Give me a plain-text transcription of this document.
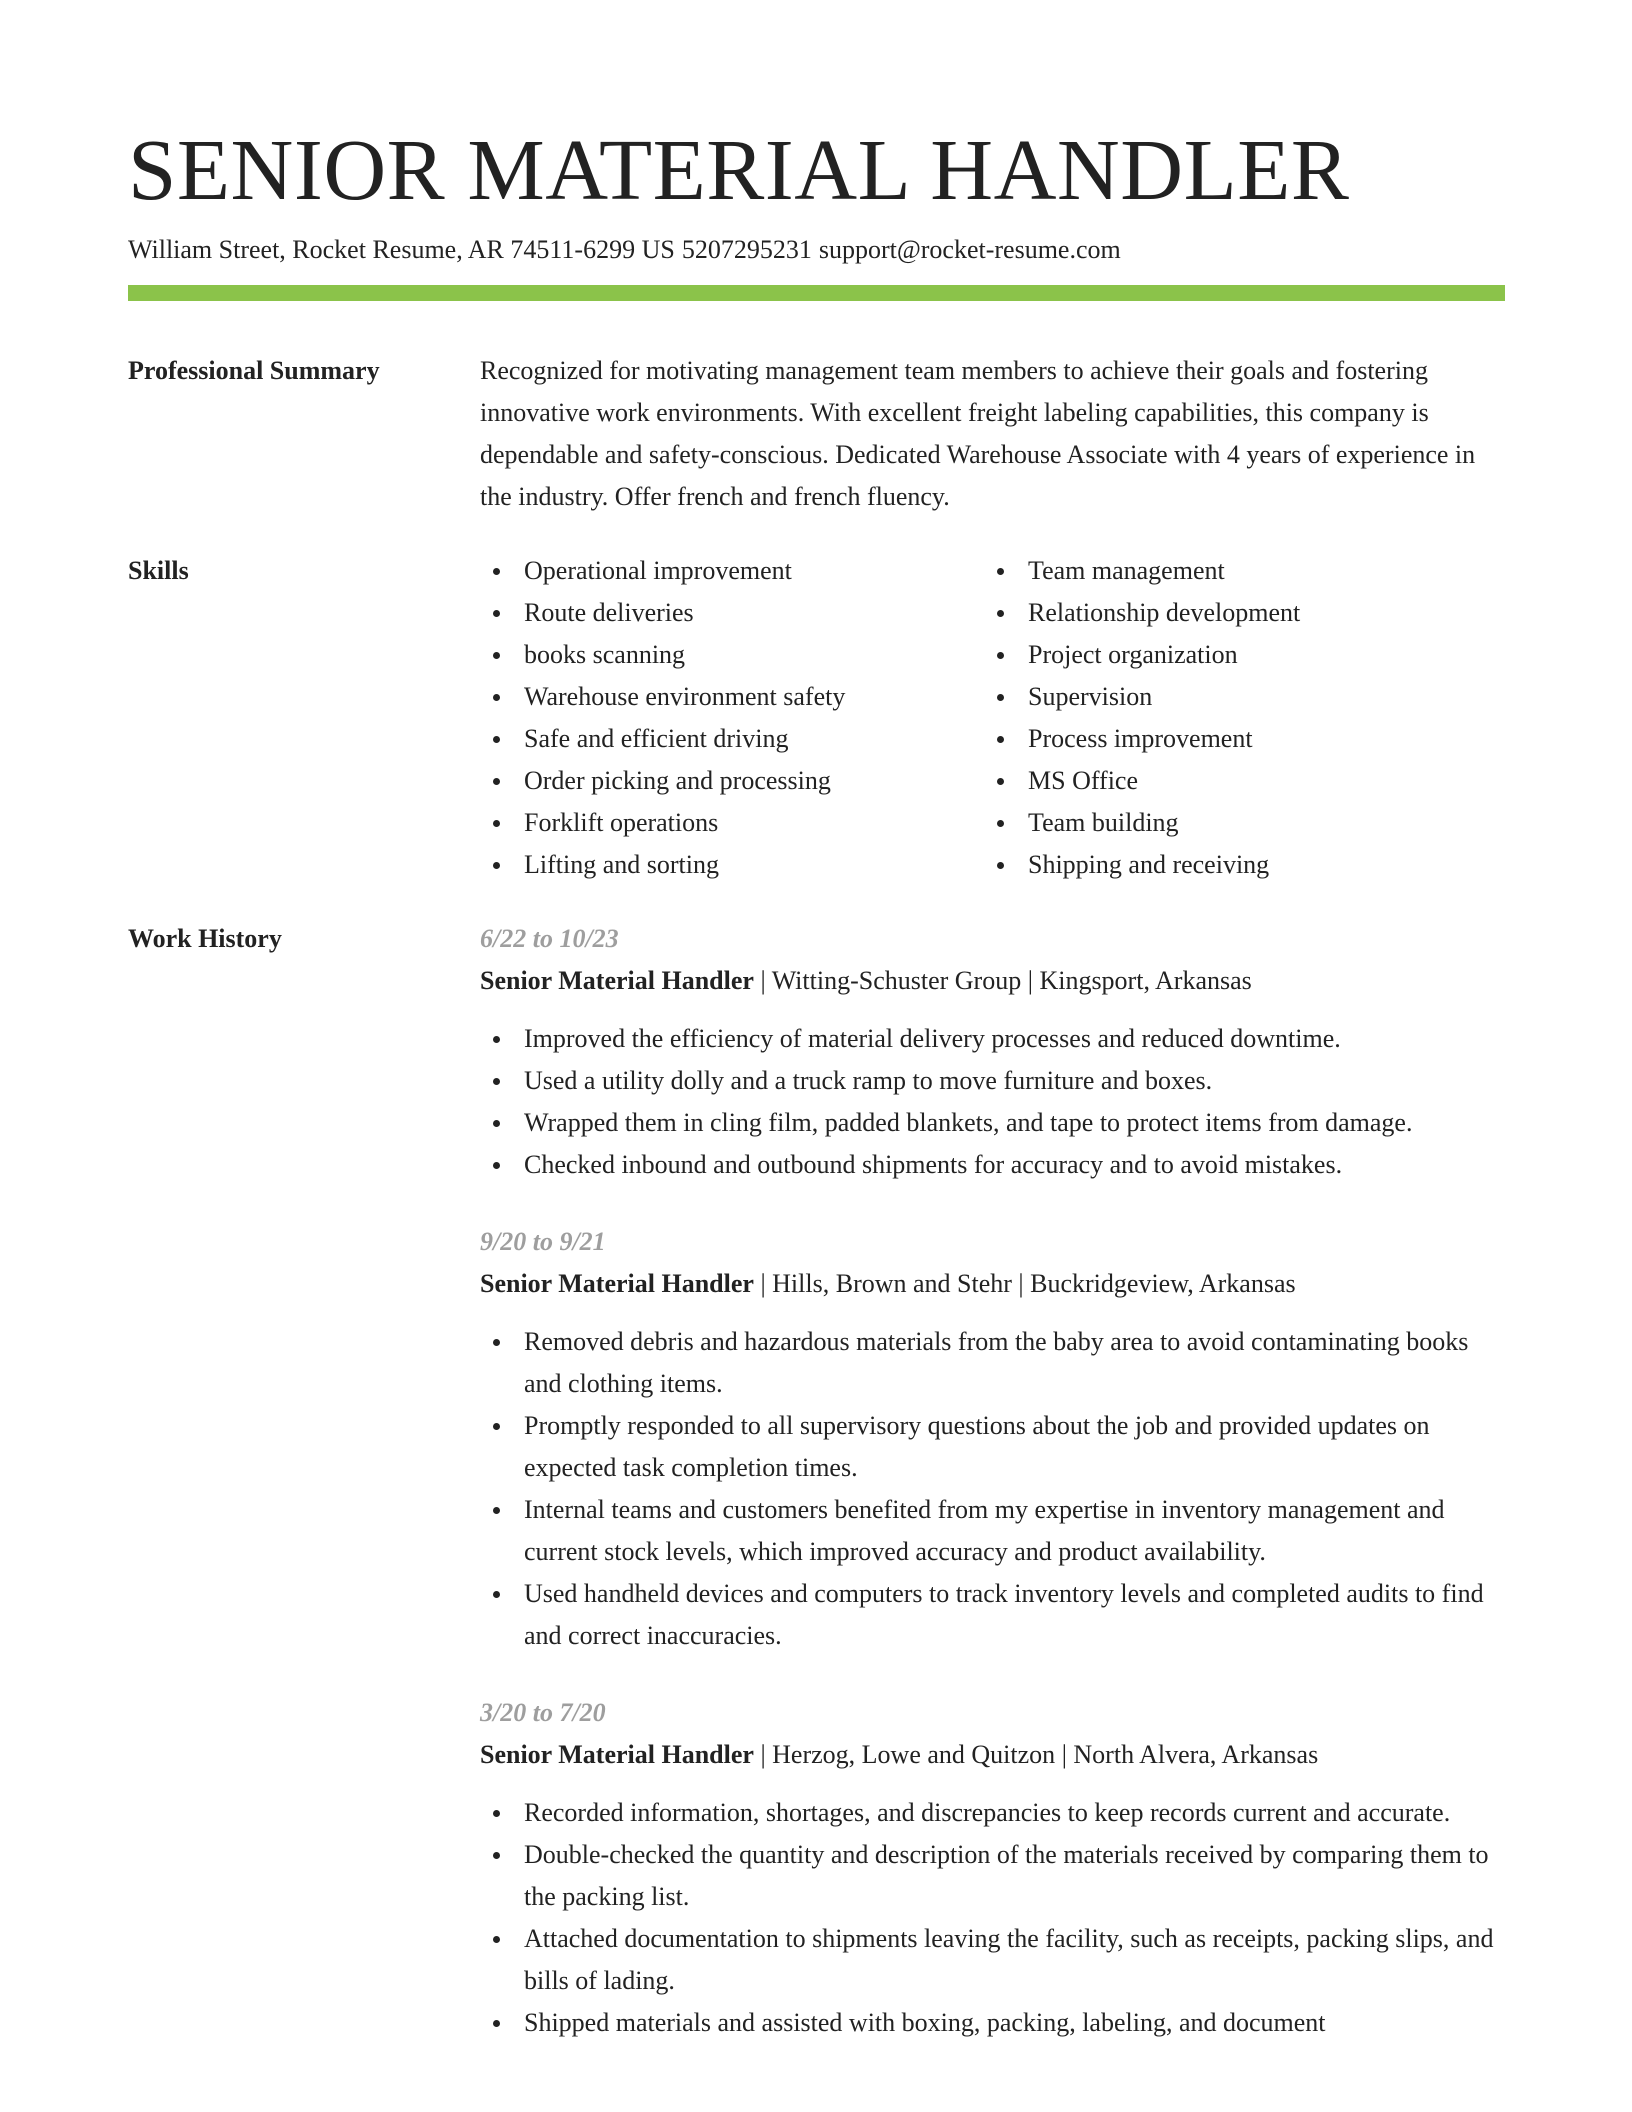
SENIOR MATERIAL HANDLER
William Street, Rocket Resume, AR 74511-6299 US 5207295231 support@rocket-resume.com
Professional Summary	Recognized for motivating management team members to achieve their goals and fostering innovative work environments. With excellent freight labeling capabilities, this company is dependable and safety-conscious. Dedicated Warehouse Associate with 4 years of experience in the industry. Offer french and french fluency.

Skills	Operational improvement
Route deliveries
books scanning
Warehouse environment safety
Safe and efficient driving
Order picking and processing
Forklift operations
Lifting and sorting
Team management
Relationship development
Project organization
Supervision
Process improvement
MS Office
Team building
Shipping and receiving
Work History	6/22 to 10/23
Senior Material Handler | Witting-Schuster Group | Kingsport, Arkansas
Improved the efficiency of material delivery processes and reduced downtime.
Used a utility dolly and a truck ramp to move furniture and boxes.
Wrapped them in cling film, padded blankets, and tape to protect items from damage.
Checked inbound and outbound shipments for accuracy and to avoid mistakes.
9/20 to 9/21
Senior Material Handler | Hills, Brown and Stehr | Buckridgeview, Arkansas
Removed debris and hazardous materials from the baby area to avoid contaminating books and clothing items.
Promptly responded to all supervisory questions about the job and provided updates on expected task completion times.
Internal teams and customers benefited from my expertise in inventory management and current stock levels, which improved accuracy and product availability.
Used handheld devices and computers to track inventory levels and completed audits to find and correct inaccuracies.
3/20 to 7/20
Senior Material Handler | Herzog, Lowe and Quitzon | North Alvera, Arkansas
Recorded information, shortages, and discrepancies to keep records current and accurate.
Double-checked the quantity and description of the materials received by comparing them to the packing list.
Attached documentation to shipments leaving the facility, such as receipts, packing slips, and bills of lading.
Shipped materials and assisted with boxing, packing, labeling, and document
